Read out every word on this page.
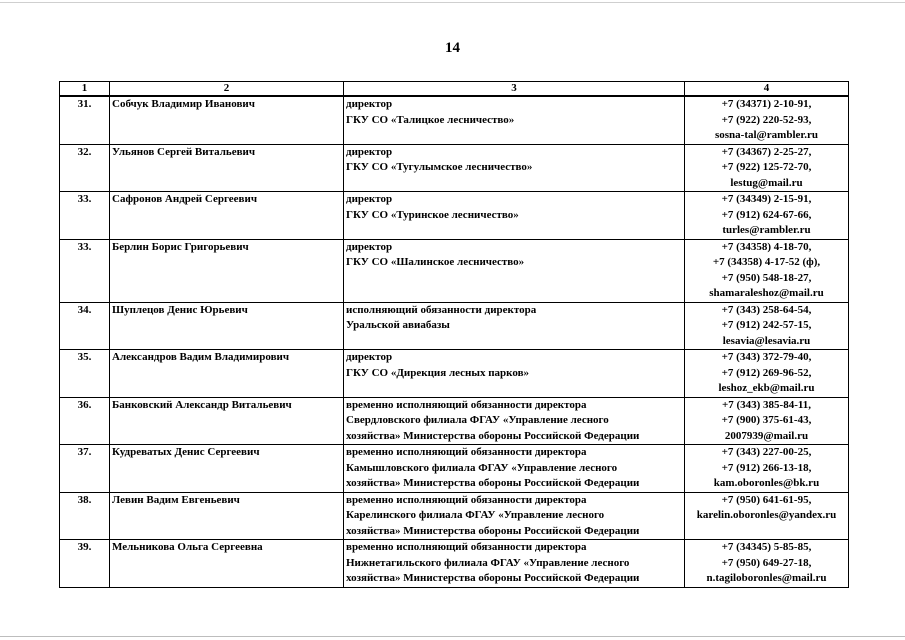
14
1	2	3	4
31.	Собчук Владимир Иванович	директор
ГКУ СО «Талицкое лесничество»	+7 (34371) 2-10-91,
+7 (922) 220-52-93,
sosna-tal@rambler.ru

32.	Ульянов Сергей Витальевич	директор
ГКУ СО «Тугулымское лесничество»	+7 (34367) 2-25-27,
+7 (922) 125-72-70,
lestug@mail.ru

33.	Сафронов Андрей Сергеевич	директор
ГКУ СО «Туринское лесничество»	+7 (34349) 2-15-91,
+7 (912) 624-67-66,
turles@rambler.ru

33.	Берлин Борис Григорьевич	директор
ГКУ СО «Шалинское лесничество»	+7 (34358) 4-18-70,
+7 (34358) 4-17-52 (ф),
+7 (950) 548-18-27,
shamaraleshoz@mail.ru

34.	Шуплецов Денис Юрьевич	исполняющий обязанности директора
Уральской авиабазы	+7 (343) 258-64-54,
+7 (912) 242-57-15,
lesavia@lesavia.ru

35.	Александров Вадим Владимирович	директор
ГКУ СО «Дирекция лесных парков»	+7 (343) 372-79-40,
+7 (912) 269-96-52,
leshoz_ekb@mail.ru

36.	Банковский Александр Витальевич	временно исполняющий обязанности директора
Свердловского филиала ФГАУ «Управление лесного
хозяйства» Министерства обороны Российской Федерации	+7 (343) 385-84-11,
+7 (900) 375-61-43,
2007939@mail.ru

37.	Кудреватых Денис Сергеевич	временно исполняющий обязанности директора
Камышловского филиала ФГАУ «Управление лесного
хозяйства» Министерства обороны Российской Федерации	+7 (343) 227-00-25,
+7 (912) 266-13-18,
kam.oboronles@bk.ru

38.	Левин Вадим Евгеньевич	временно исполняющий обязанности директора
Карелинского филиала ФГАУ «Управление лесного
хозяйства» Министерства обороны Российской Федерации	+7 (950) 641-61-95,
karelin.oboronles@yandex.ru

39.	Мельникова Ольга Сергеевна	временно исполняющий обязанности директора
Нижнетагильского филиала ФГАУ «Управление лесного
хозяйства» Министерства обороны Российской Федерации	+7 (34345) 5-85-85,
+7 (950) 649-27-18,
n.tagiloboronles@mail.ru
